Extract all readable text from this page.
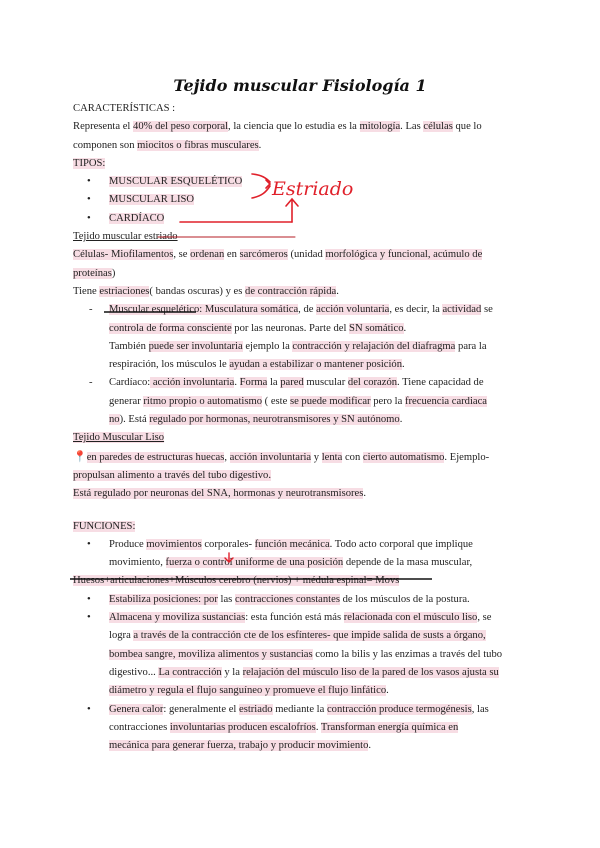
Tejido muscular Fisiología 1
CARACTERÍSTICAS :
Representa el 40% del peso corporal, la ciencia que lo estudia es la mitología. Las células que lo
componen son miocitos o fibras musculares.
TIPOS:
• MUSCULAR ESQUELÉTICO
• MUSCULAR LISO
• CARDÍACO
Tejido muscular estriado
Células- Miofilamentos, se ordenan en sarcómeros (unidad morfológica y funcional, acúmulo de
proteínas)
Tiene estriaciones( bandas oscuras) y es de contracción rápida.
- Muscular esquelético: Musculatura somática, de acción voluntaria, es decir, la actividad se
controla de forma consciente por las neuronas. Parte del SN somático.
También puede ser involuntaria ejemplo la contracción y relajación del diafragma para la
respiración, los músculos le ayudan a estabilizar o mantener posición.
- Cardíaco: acción involuntaria. Forma la pared muscular del corazón. Tiene capacidad de
generar ritmo propio o automatismo ( este se puede modificar pero la frecuencia cardiaca
no). Está regulado por hormonas, neurotransmisores y SN autónomo.
Tejido Muscular Liso
📍en paredes de estructuras huecas, acción involuntaria y lenta con cierto automatismo. Ejemplo-
propulsan alimento a través del tubo digestivo.
Está regulado por neuronas del SNA, hormonas y neurotransmisores.
FUNCIONES:
• Produce movimientos corporales- función mecánica. Todo acto corporal que implique
movimiento, fuerza o control uniforme de una posición depende de la masa muscular,
Huesos+articulaciones+Músculos cerebro (nervios) + médula espinal= Movs
• Estabiliza posiciones: por las contracciones constantes de los músculos de la postura.
• Almacena y moviliza sustancias: esta función está más relacionada con el músculo liso, se
logra a través de la contracción cte de los esfínteres- que impide salida de susts a órgano,
bombea sangre, moviliza alimentos y sustancias como la bilis y las enzimas a través del tubo
digestivo... La contracción y la relajación del músculo liso de la pared de los vasos ajusta su
diámetro y regula el flujo sanguíneo y promueve el flujo linfático.
• Genera calor: generalmente el estriado mediante la contracción produce termogénesis, las
contracciones involuntarias producen escalofríos. Transforman energía química en
mecánica para generar fuerza, trabajo y producir movimiento.
Estriado
